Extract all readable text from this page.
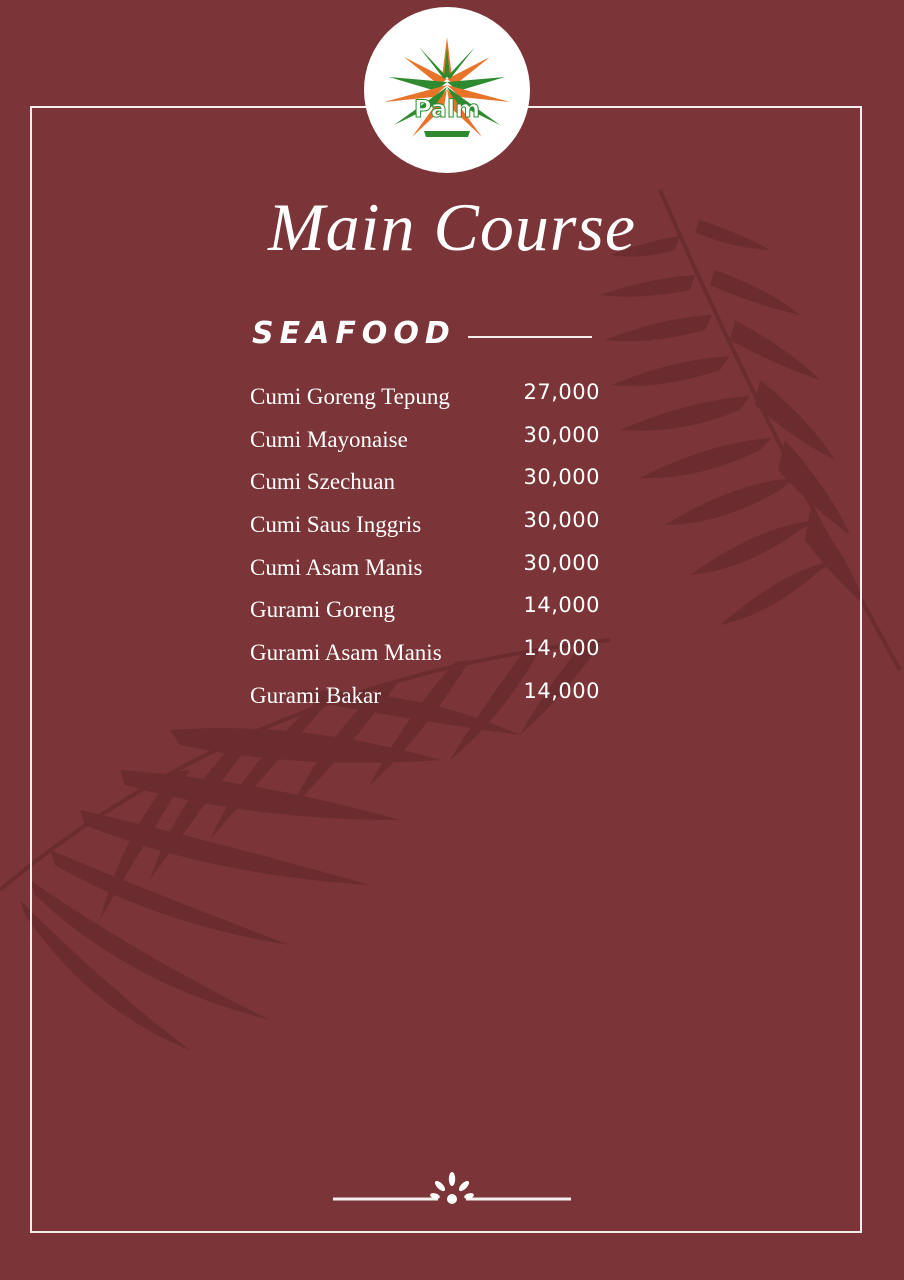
Palm
Main Course
SEAFOOD
Cumi Goreng Tepung	27,000
Cumi Mayonaise	30,000
Cumi Szechuan	30,000
Cumi Saus Inggris	30,000
Cumi Asam Manis	30,000
Gurami Goreng	14,000
Gurami Asam Manis	14,000
Gurami Bakar	14,000
